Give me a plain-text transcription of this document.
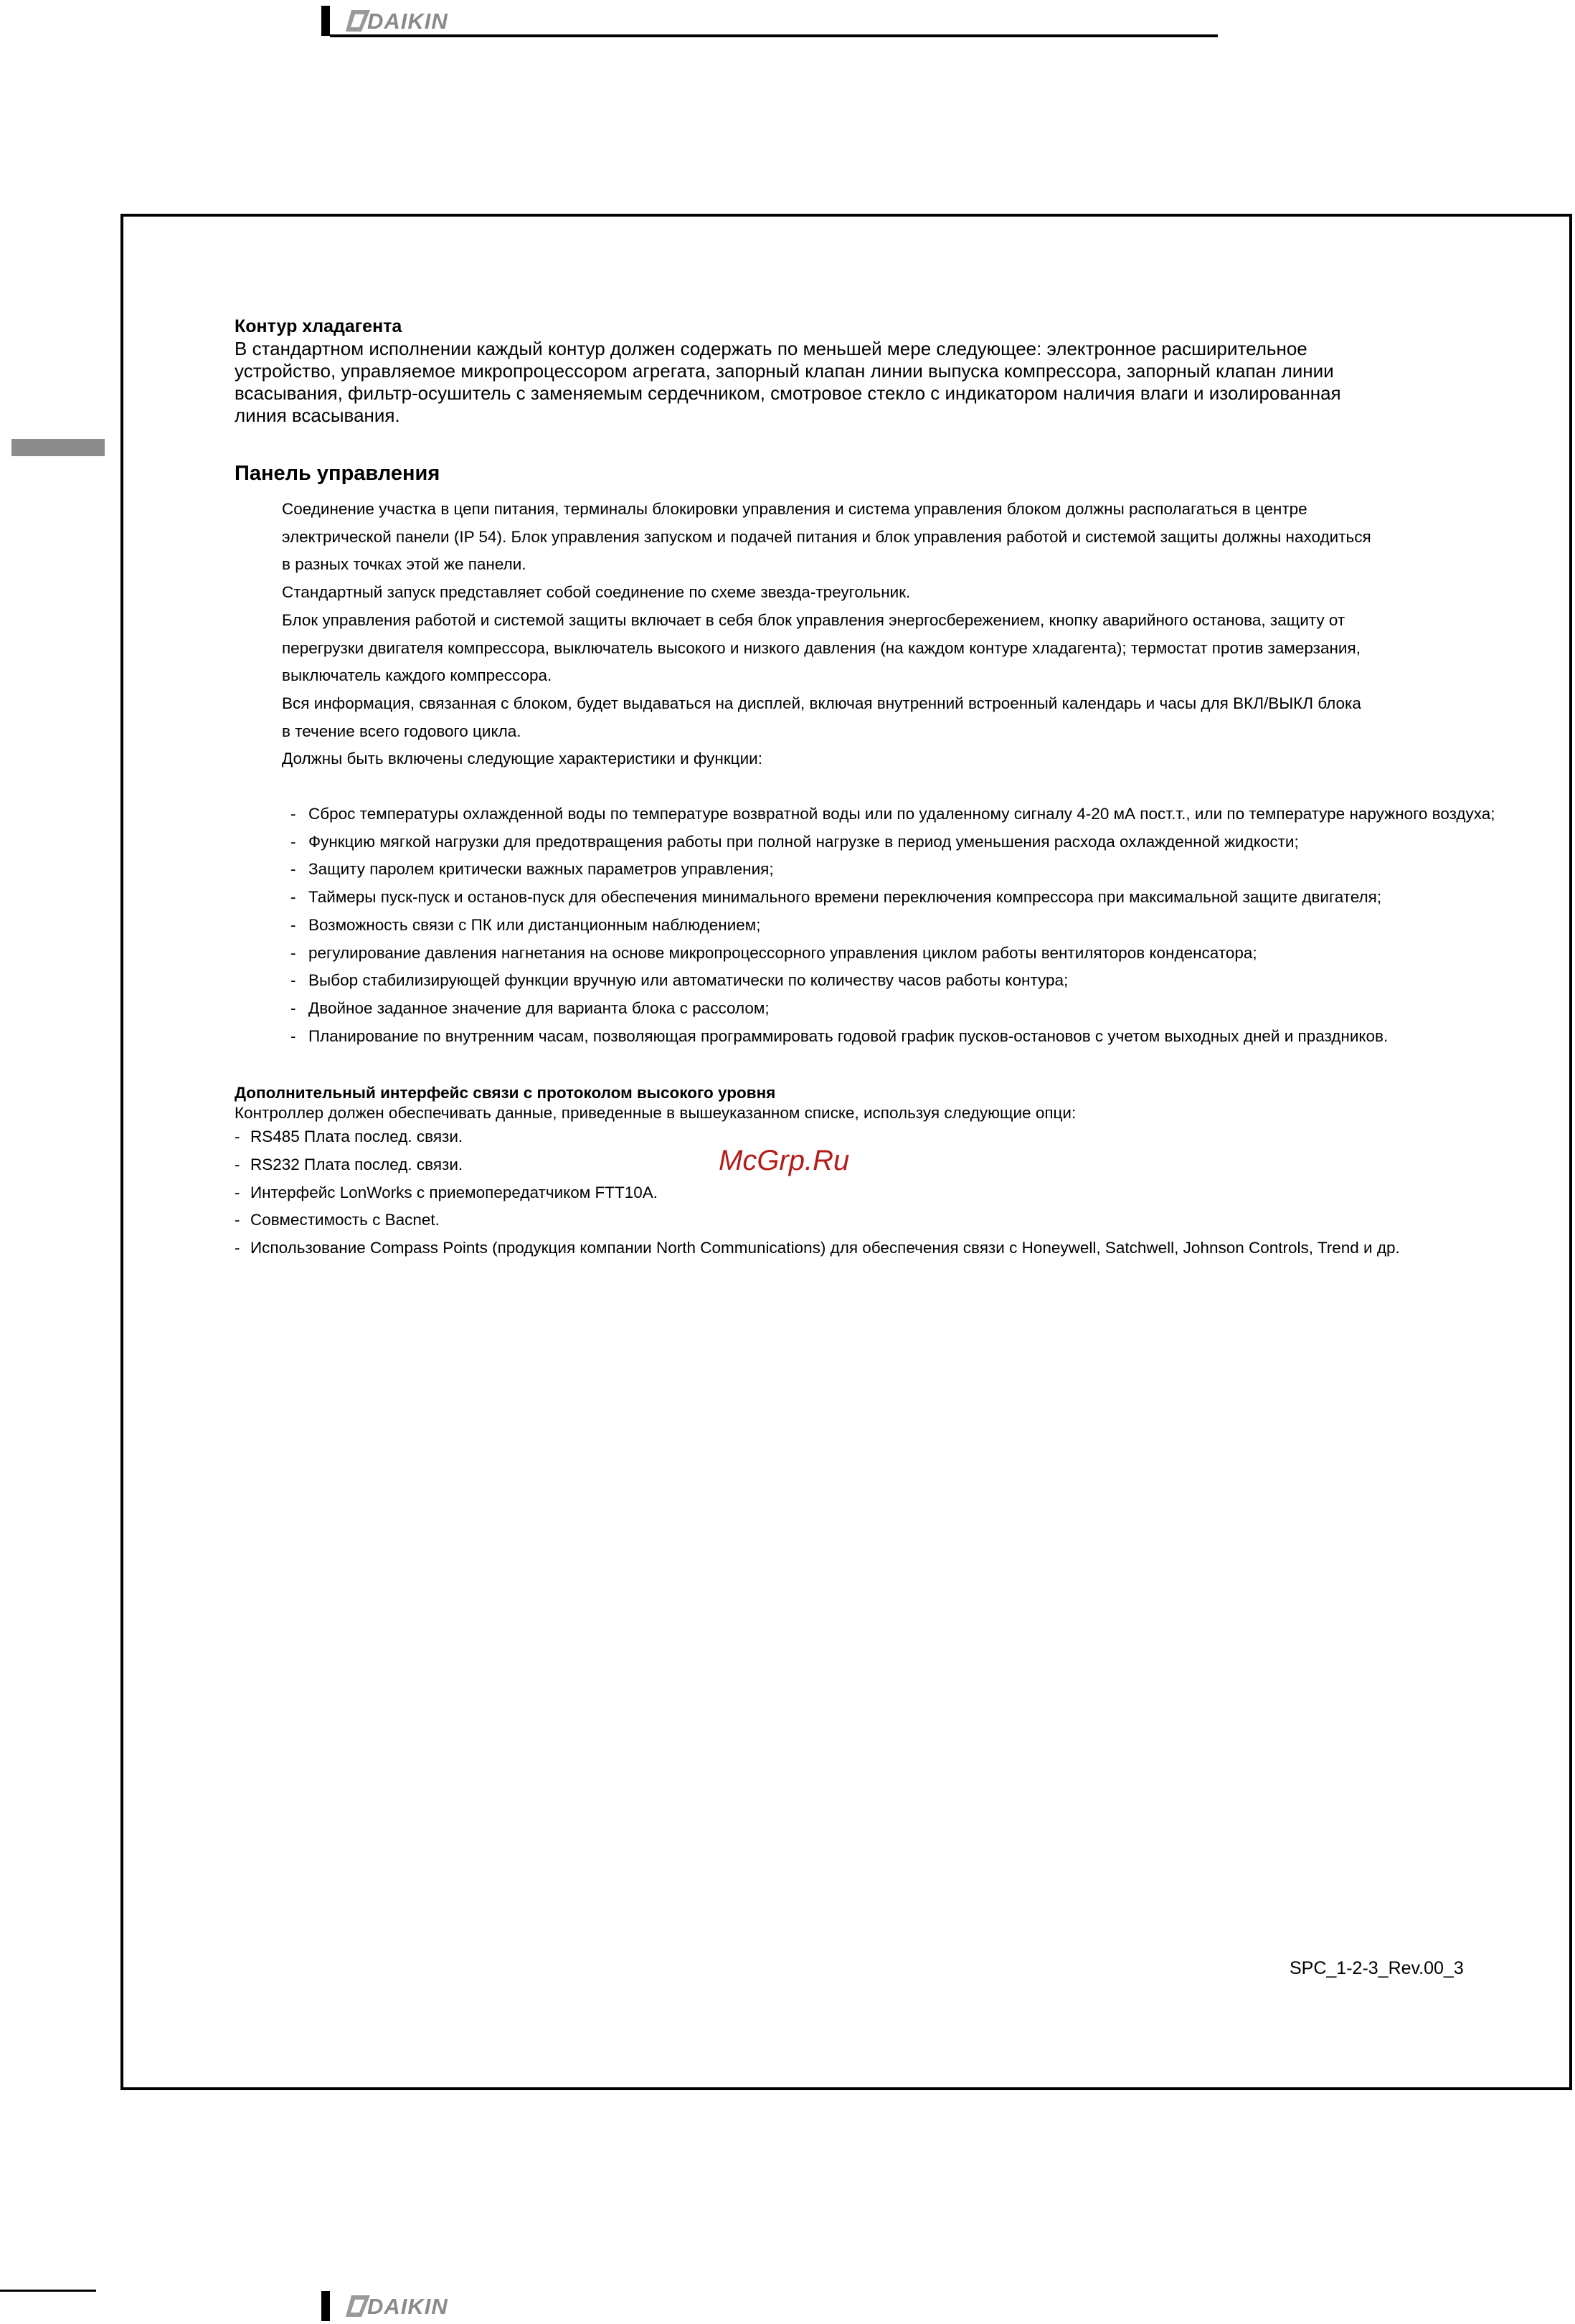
DAIKIN

Контур хладагента

В стандартном исполнении каждый контур должен содержать по меньшей мере следующее: электронное расширительное

устройство, управляемое микропроцессором агрегата, запорный клапан линии выпуска компрессора, запорный клапан линии

всасывания, фильтр-осушитель с заменяемым сердечником, смотровое стекло с индикатором наличия влаги и изолированная

линия всасывания.

Панель управления

Соединение участка в цепи питания, терминалы блокировки управления и система управления блоком должны располагаться в центре

электрической панели (IP 54). Блок управления запуском и подачей питания и блок управления работой и системой защиты должны находиться

в разных точках этой же панели.

Стандартный запуск представляет собой соединение по схеме звезда-треугольник.

Блок управления работой и системой защиты включает в себя блок управления энергосбережением, кнопку аварийного останова, защиту от

перегрузки двигателя компрессора, выключатель высокого и низкого давления (на каждом контуре хладагента); термостат против замерзания,

выключатель каждого компрессора.

Вся информация, связанная с блоком, будет выдаваться на дисплей, включая внутренний встроенный календарь и часы для ВКЛ/ВЫКЛ блока

в течение всего годового цикла.

Должны быть включены следующие характеристики и функции:

- Сброс температуры охлажденной воды по температуре возвратной воды или по удаленному сигналу 4-20 мА пост.т., или по температуре наружного воздуха;
- Функцию мягкой нагрузки для предотвращения работы при полной нагрузке в период уменьшения расхода охлажденной жидкости;
- Защиту паролем критически важных параметров управления;
- Таймеры пуск-пуск и останов-пуск для обеспечения минимального времени переключения компрессора при максимальной защите двигателя;
- Возможность связи с ПК или дистанционным наблюдением;
- регулирование давления нагнетания на основе микропроцессорного управления циклом работы вентиляторов конденсатора;
- Выбор стабилизирующей функции вручную или автоматически по количеству часов работы контура;
- Двойное заданное значение для варианта блока с рассолом;
- Планирование по внутренним часам, позволяющая программировать годовой график пусков-остановов с учетом выходных дней и праздников.

Дополнительный интерфейс связи с протоколом высокого уровня

Контроллер должен обеспечивать данные, приведенные в вышеуказанном списке, используя следующие опци:

- RS485 Плата послед. связи.
- RS232 Плата послед. связи.
- Интерфейс LonWorks с приемопередатчиком FTT10A.
- Совместимость с Bacnet.
- Использование Compass Points (продукция компании North Communications) для обеспечения связи с Honeywell, Satchwell, Johnson Controls, Trend и др.
McGrp.Ru
SPC_1-2-3_Rev.00_3
DAIKIN
